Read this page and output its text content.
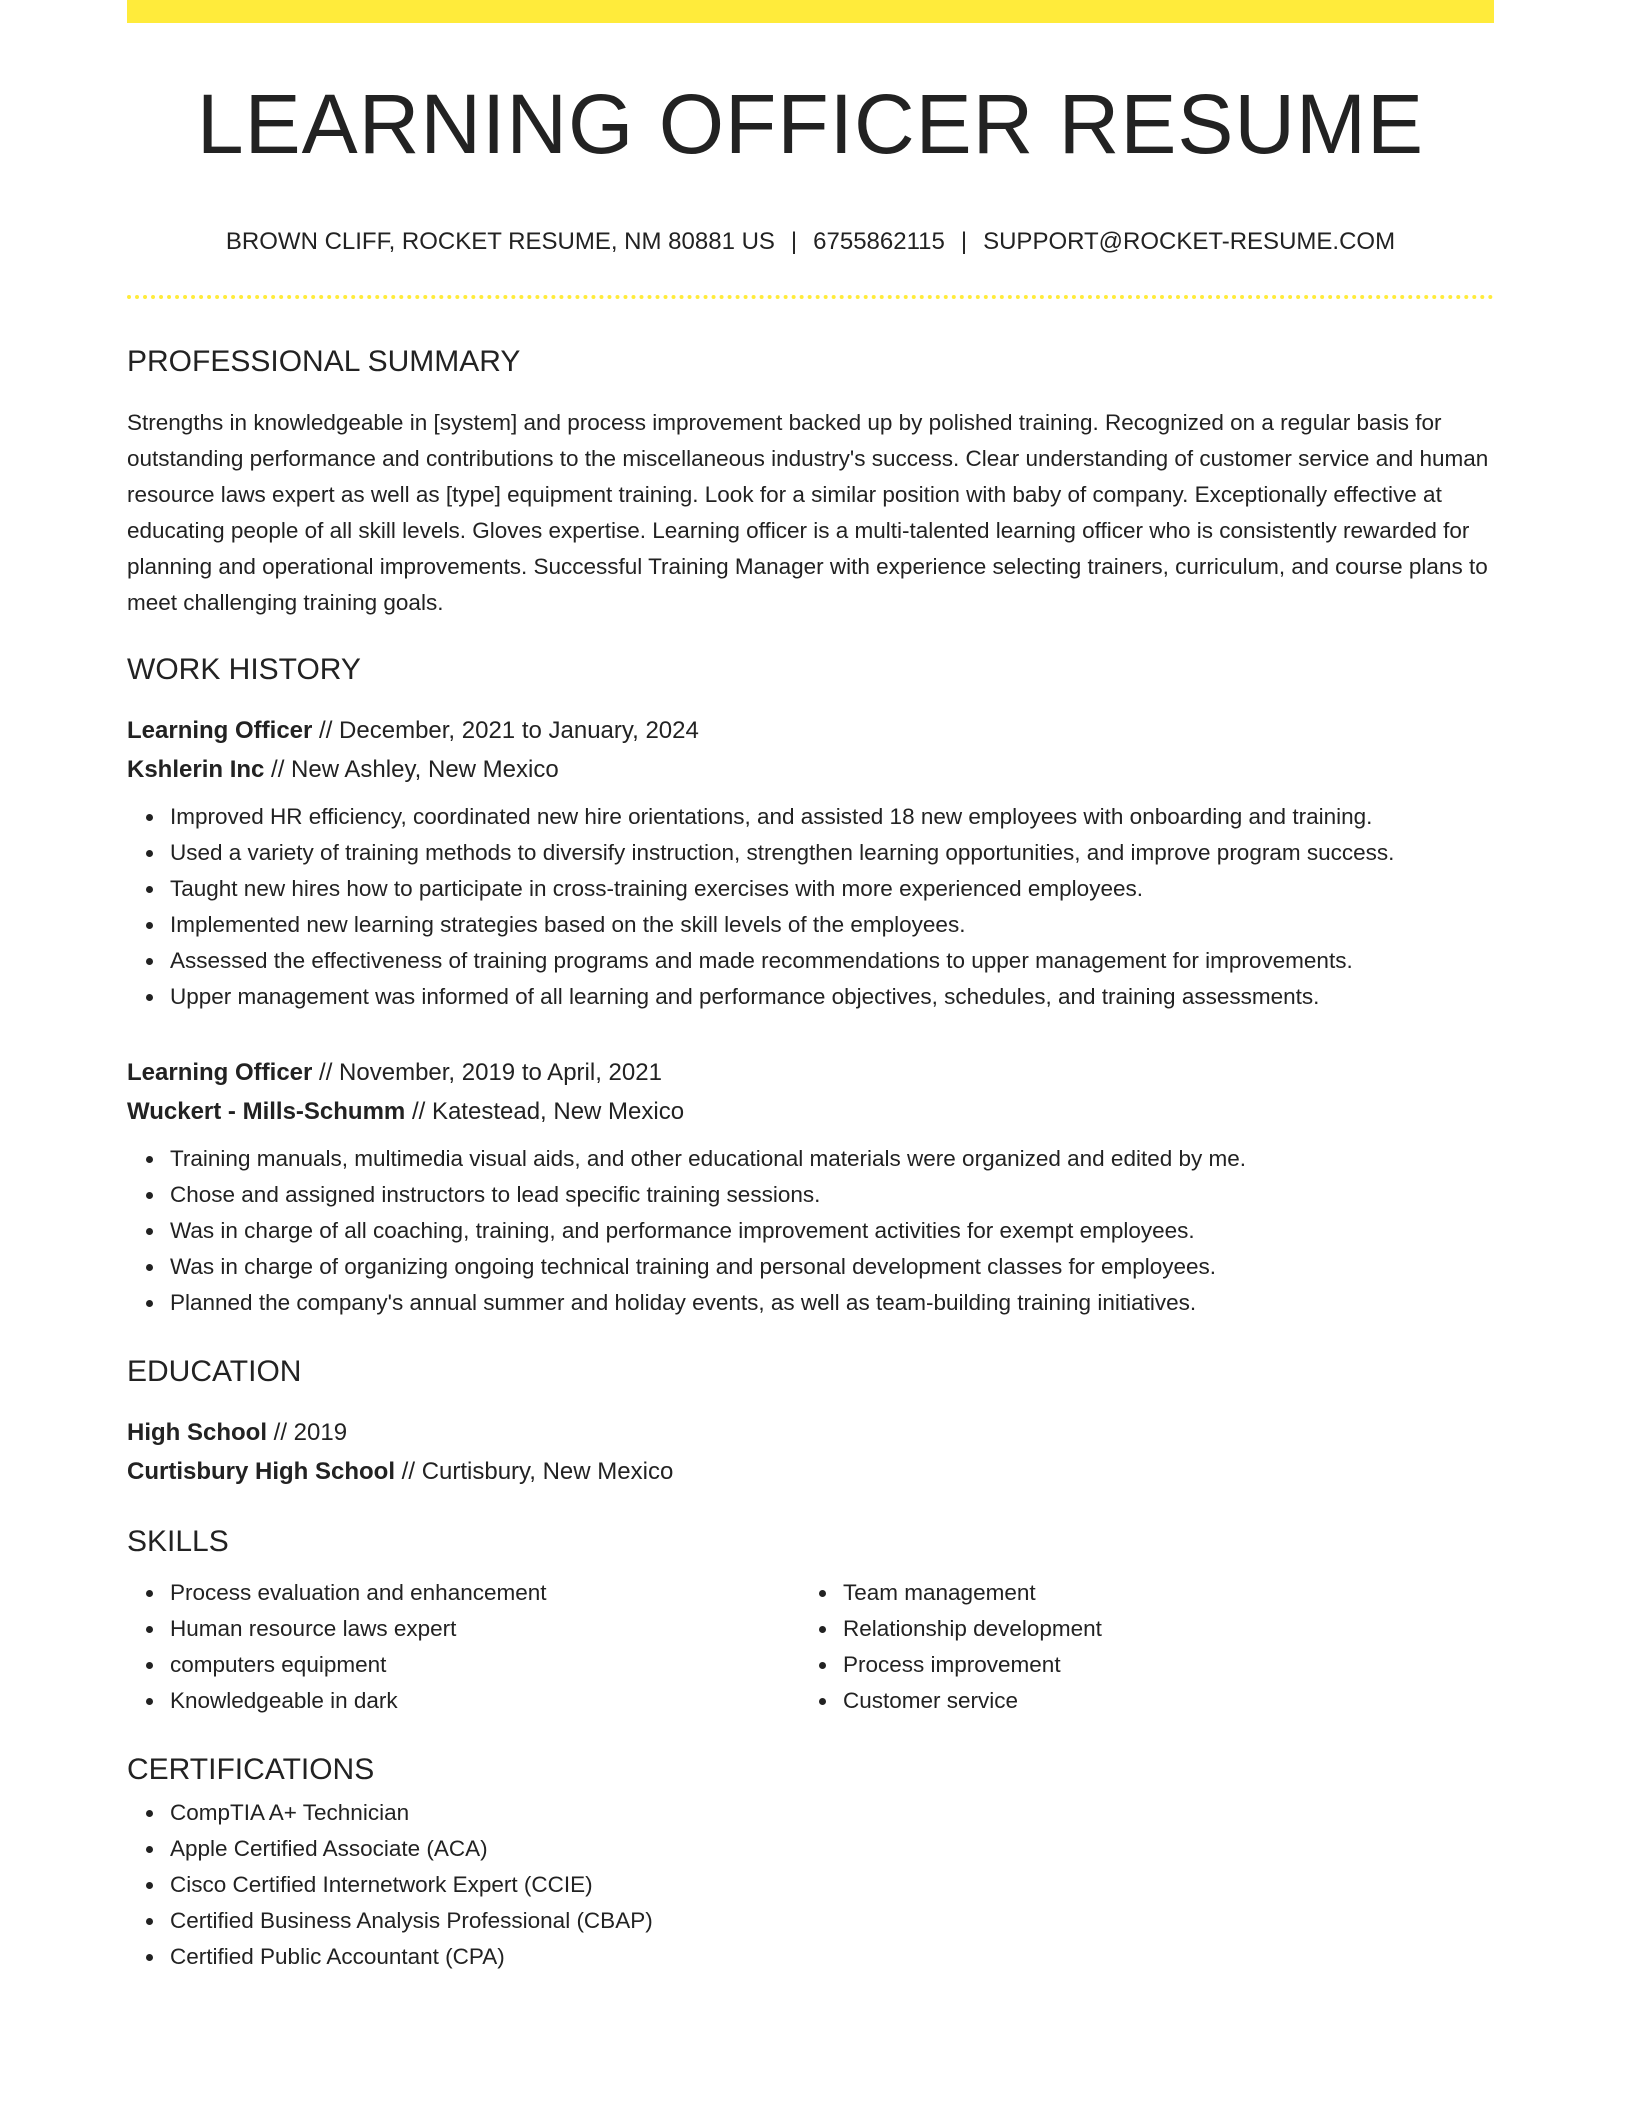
LEARNING OFFICER RESUME
BROWN CLIFF, ROCKET RESUME, NM 80881 US | 6755862115 | SUPPORT@ROCKET-RESUME.COM
PROFESSIONAL SUMMARY

Strengths in knowledgeable in [system] and process improvement backed up by polished training. Recognized on a regular basis for outstanding performance and contributions to the miscellaneous industry's success. Clear understanding of customer service and human resource laws expert as well as [type] equipment training. Look for a similar position with baby of company. Exceptionally effective at educating people of all skill levels. Gloves expertise. Learning officer is a multi-talented learning officer who is consistently rewarded for planning and operational improvements. Successful Training Manager with experience selecting trainers, curriculum, and course plans to meet challenging training goals.

WORK HISTORY
Learning Officer // December, 2021 to January, 2024
Kshlerin Inc // New Ashley, New Mexico
Improved HR efficiency, coordinated new hire orientations, and assisted 18 new employees with onboarding and training.
Used a variety of training methods to diversify instruction, strengthen learning opportunities, and improve program success.
Taught new hires how to participate in cross-training exercises with more experienced employees.
Implemented new learning strategies based on the skill levels of the employees.
Assessed the effectiveness of training programs and made recommendations to upper management for improvements.
Upper management was informed of all learning and performance objectives, schedules, and training assessments.
Learning Officer // November, 2019 to April, 2021
Wuckert - Mills-Schumm // Katestead, New Mexico
Training manuals, multimedia visual aids, and other educational materials were organized and edited by me.
Chose and assigned instructors to lead specific training sessions.
Was in charge of all coaching, training, and performance improvement activities for exempt employees.
Was in charge of organizing ongoing technical training and personal development classes for employees.
Planned the company's annual summer and holiday events, as well as team-building training initiatives.
EDUCATION
High School // 2019
Curtisbury High School // Curtisbury, New Mexico
SKILLS
Process evaluation and enhancement
Human resource laws expert
computers equipment
Knowledgeable in dark
Team management
Relationship development
Process improvement
Customer service
CERTIFICATIONS
CompTIA A+ Technician
Apple Certified Associate (ACA)
Cisco Certified Internetwork Expert (CCIE)
Certified Business Analysis Professional (CBAP)
Certified Public Accountant (CPA)
